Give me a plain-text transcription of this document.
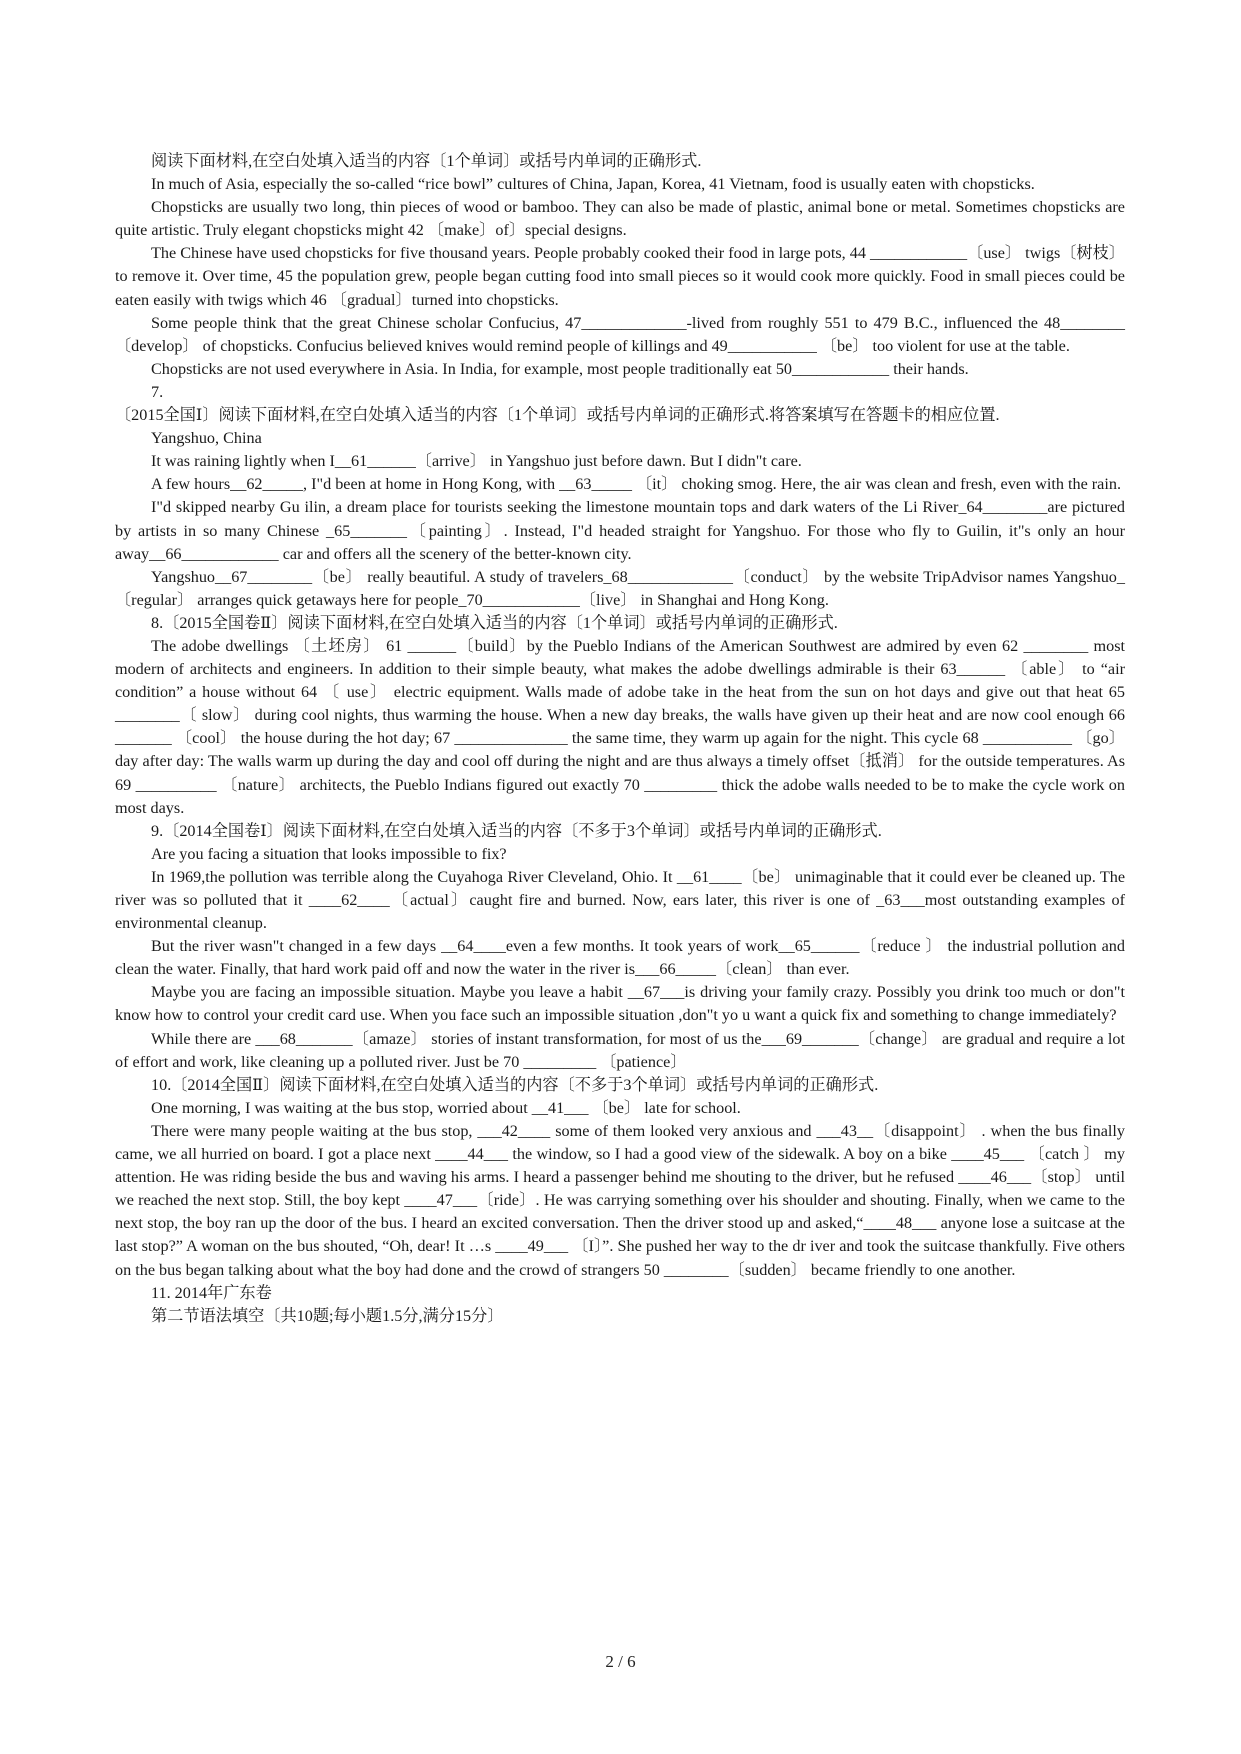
阅读下面材料,在空白处填入适当的内容〔1个单词〕或括号内单词的正确形式.

In much of Asia, especially the so-called “rice bowl” cultures of China, Japan, Korea, 41 Vietnam, food is usually eaten with chopsticks.

Chopsticks are usually two long, thin pieces of wood or bamboo. They can also be made of plastic, animal bone or metal. Sometimes chopsticks are quite artistic. Truly elegant chopsticks might 42 〔make〕of〕special designs.

The Chinese have used chopsticks for five thousand years. People probably cooked their food in large pots, 44 ____________〔use〕 twigs〔树枝〕 to remove it. Over time, 45 the population grew, people began cutting food into small pieces so it would cook more quickly. Food in small pieces could be eaten easily with twigs which 46 〔gradual〕turned into chopsticks.

Some people think that the great Chinese scholar Confucius, 47_____________-lived from roughly 551 to 479 B.C., influenced the 48________ 〔develop〕 of chopsticks. Confucius believed knives would remind people of killings and 49___________ 〔be〕 too violent for use at the table.

Chopsticks are not used everywhere in Asia. In India, for example, most people traditionally eat 50____________ their hands.

7.

〔2015全国Ⅰ〕阅读下面材料,在空白处填入适当的内容〔1个单词〕或括号内单词的正确形式.将答案填写在答题卡的相应位置.

Yangshuo, China

It was raining lightly when I__61______〔arrive〕 in Yangshuo just before dawn. But I didn"t care.

A few hours__62_____, I"d been at home in Hong Kong, with __63_____ 〔it〕 choking smog. Here, the air was clean and fresh, even with the rain.

I"d skipped nearby Gu ilin, a dream place for tourists seeking the limestone mountain tops and dark waters of the Li River_64________are pictured by artists in so many Chinese _65_______〔painting〕. Instead, I"d headed straight for Yangshuo. For those who fly to Guilin, it"s only an hour away__66____________ car and offers all the scenery of the better-known city.

Yangshuo__67________〔be〕 really beautiful. A study of travelers_68_____________〔conduct〕 by the website TripAdvisor names Yangshuo_〔regular〕 arranges quick getaways here for people_70____________〔live〕 in Shanghai and Hong Kong.

8.〔2015全国卷Ⅱ〕阅读下面材料,在空白处填入适当的内容〔1个单词〕或括号内单词的正确形式.

The adobe dwellings 〔土坯房〕 61 ______〔build〕by the Pueblo Indians of the American Southwest are admired by even 62 ________ most modern of architects and engineers. In addition to their simple beauty, what makes the adobe dwellings admirable is their 63______ 〔able〕 to “air condition” a house without 64 〔 use〕 electric equipment. Walls made of adobe take in the heat from the sun on hot days and give out that heat 65 ________〔 slow〕 during cool nights, thus warming the house. When a new day breaks, the walls have given up their heat and are now cool enough 66 _______ 〔cool〕 the house during the hot day; 67 ______________ the same time, they warm up again for the night. This cycle 68 ___________ 〔go〕 day after day: The walls warm up during the day and cool off during the night and are thus always a timely offset〔抵消〕 for the outside temperatures. As 69 __________ 〔nature〕 architects, the Pueblo Indians figured out exactly 70 _________ thick the adobe walls needed to be to make the cycle work on most days.

9.〔2014全国卷Ⅰ〕阅读下面材料,在空白处填入适当的内容〔不多于3个单词〕或括号内单词的正确形式.

Are you facing a situation that looks impossible to fix?

In 1969,the pollution was terrible along the Cuyahoga River Cleveland, Ohio. It __61____〔be〕 unimaginable that it could ever be cleaned up. The river was so polluted that it ____62____〔actual〕caught fire and burned. Now, ears later, this river is one of _63___most outstanding examples of environmental cleanup.

But the river wasn"t changed in a few days __64____even a few months. It took years of work__65______〔reduce 〕 the industrial pollution and clean the water. Finally, that hard work paid off and now the water in the river is___66_____〔clean〕 than ever.

Maybe you are facing an impossible situation. Maybe you leave a habit __67___is driving your family crazy. Possibly you drink too much or don"t know how to control your credit card use. When you face such an impossible situation ,don"t yo u want a quick fix and something to change immediately?

While there are ___68_______〔amaze〕 stories of instant transformation, for most of us the___69_______〔change〕 are gradual and require a lot of effort and work, like cleaning up a polluted river. Just be 70 _________ 〔patience〕

10.〔2014全国Ⅱ〕阅读下面材料,在空白处填入适当的内容〔不多于3个单词〕或括号内单词的正确形式.

One morning, I was waiting at the bus stop, worried about __41___ 〔be〕 late for school.

There were many people waiting at the bus stop, ___42____ some of them looked very anxious and ___43__〔disappoint〕 . when the bus finally came, we all hurried on board. I got a place next ____44___ the window, so I had a good view of the sidewalk. A boy on a bike ____45___ 〔catch 〕 my attention. He was riding beside the bus and waving his arms. I heard a passenger behind me shouting to the driver, but he refused ____46___〔stop〕 until we reached the next stop. Still, the boy kept ____47___〔ride〕. He was carrying something over his shoulder and shouting. Finally, when we came to the next stop, the boy ran up the door of the bus. I heard an excited conversation. Then the driver stood up and asked,“____48___ anyone lose a suitcase at the last stop?” A woman on the bus shouted, “Oh, dear! It …s ____49___ 〔I〕”. She pushed her way to the dr iver and took the suitcase thankfully. Five others on the bus began talking about what the boy had done and the crowd of strangers 50 ________〔sudden〕 became friendly to one another.

11. 2014年广东卷

第二节语法填空〔共10题;每小题1.5分,满分15分〕

2 / 6
